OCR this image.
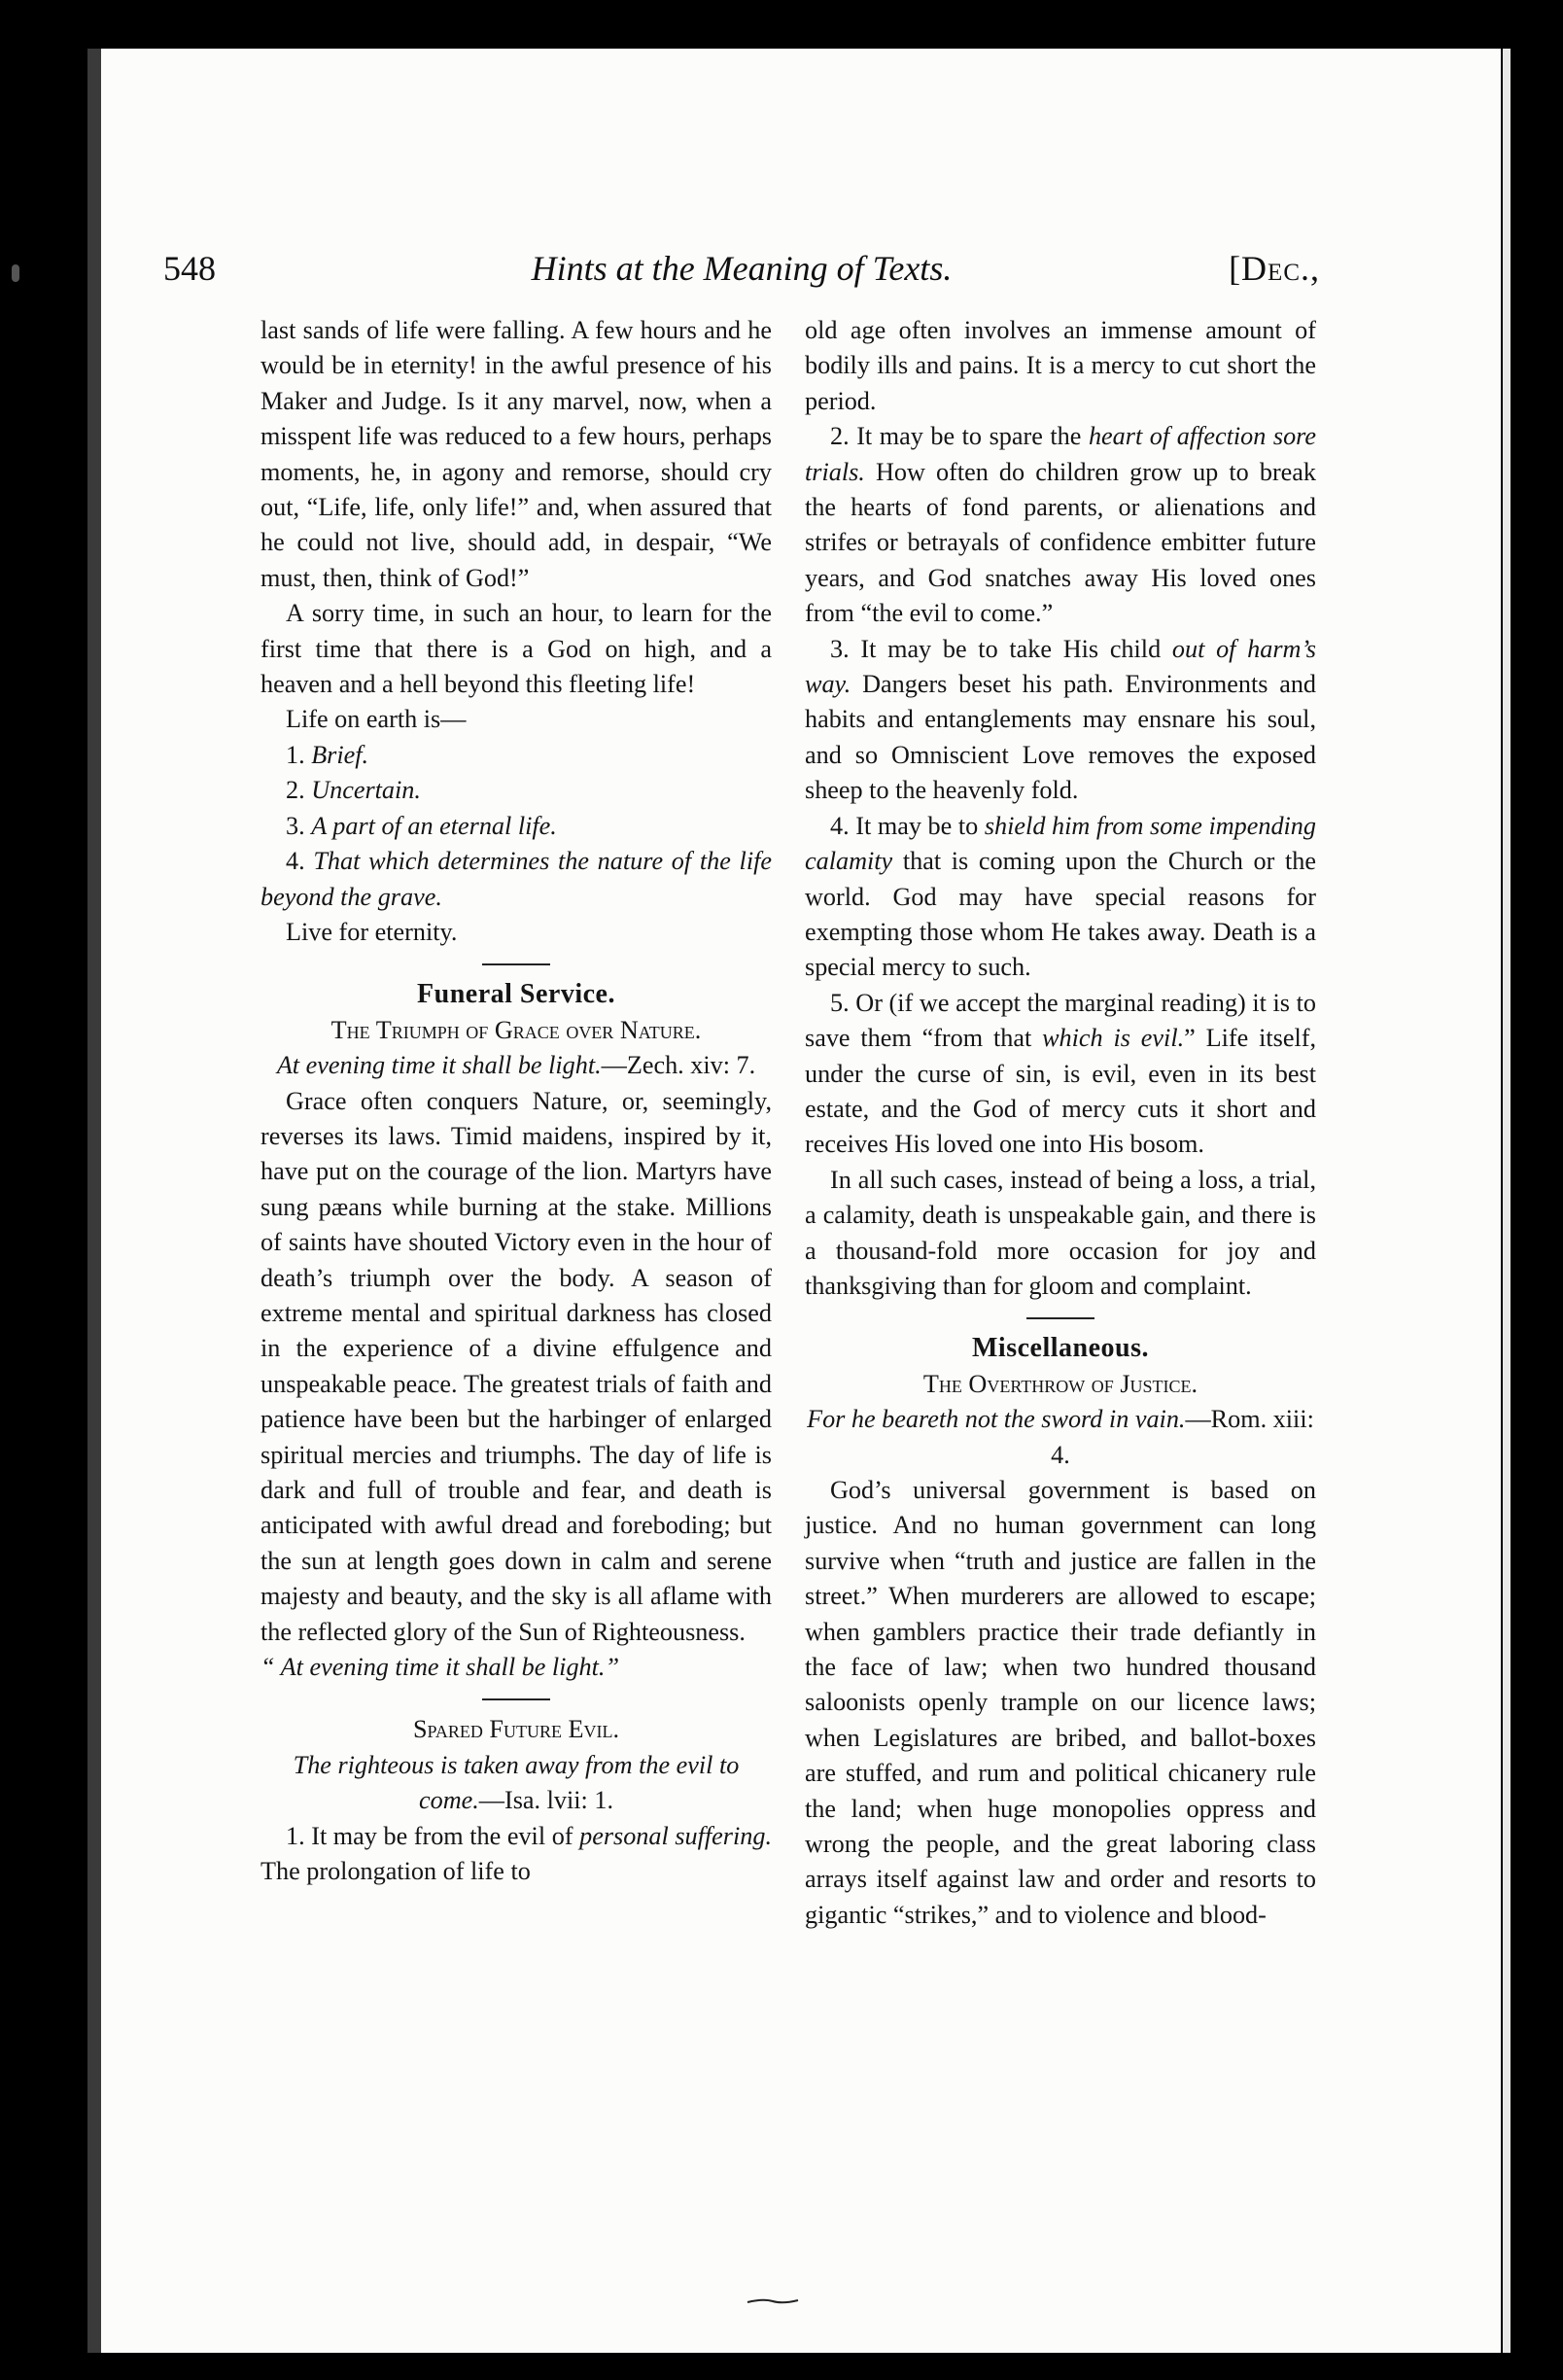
548	Hints at the Meaning of Texts.	[Dec.,

last sands of life were falling. A few hours and he would be in eternity! in the awful presence of his Maker and Judge. Is it any marvel, now, when a misspent life was reduced to a few hours, perhaps moments, he, in agony and remorse, should cry out, “Life, life, only life!” and, when assured that he could not live, should add, in despair, “We must, then, think of God!”

A sorry time, in such an hour, to learn for the first time that there is a God on high, and a heaven and a hell beyond this fleeting life!

Life on earth is—

1. Brief.

2. Uncertain.

3. A part of an eternal life.

4. That which determines the nature of the life beyond the grave.

Live for eternity.

Funeral Service.

The Triumph of Grace over Nature.

At evening time it shall be light.—Zech. xiv: 7.

Grace often conquers Nature, or, seemingly, reverses its laws. Timid maidens, inspired by it, have put on the courage of the lion. Martyrs have sung pæans while burning at the stake. Millions of saints have shouted Victory even in the hour of death’s triumph over the body. A season of extreme mental and spiritual darkness has closed in the experience of a divine effulgence and unspeakable peace. The greatest trials of faith and patience have been but the harbinger of enlarged spiritual mercies and triumphs. The day of life is dark and full of trouble and fear, and death is anticipated with awful dread and foreboding; but the sun at length goes down in calm and serene majesty and beauty, and the sky is all aflame with the reflected glory of the Sun of Righteousness.

“ At evening time it shall be light.”

Spared Future Evil.

The righteous is taken away from the evil to come.—Isa. lvii: 1.

1. It may be from the evil of personal suffering. The prolongation of life to

old age often involves an immense amount of bodily ills and pains. It is a mercy to cut short the period.

2. It may be to spare the heart of affection sore trials. How often do children grow up to break the hearts of fond parents, or alienations and strifes or betrayals of confidence embitter future years, and God snatches away His loved ones from “the evil to come.”

3. It may be to take His child out of harm’s way. Dangers beset his path. Environments and habits and entanglements may ensnare his soul, and so Omniscient Love removes the exposed sheep to the heavenly fold.

4. It may be to shield him from some impending calamity that is coming upon the Church or the world. God may have special reasons for exempting those whom He takes away. Death is a special mercy to such.

5. Or (if we accept the marginal reading) it is to save them “from that which is evil.” Life itself, under the curse of sin, is evil, even in its best estate, and the God of mercy cuts it short and receives His loved one into His bosom.

In all such cases, instead of being a loss, a trial, a calamity, death is unspeakable gain, and there is a thousand-fold more occasion for joy and thanksgiving than for gloom and complaint.

Miscellaneous.

The Overthrow of Justice.

For he beareth not the sword in vain.—Rom. xiii: 4.

God’s universal government is based on justice. And no human government can long survive when “truth and justice are fallen in the street.” When murderers are allowed to escape; when gamblers practice their trade defiantly in the face of law; when two hundred thousand saloonists openly trample on our licence laws; when Legislatures are bribed, and ballot-boxes are stuffed, and rum and political chicanery rule the land; when huge monopolies oppress and wrong the people, and the great laboring class arrays itself against law and order and resorts to gigantic “strikes,” and to violence and blood-
